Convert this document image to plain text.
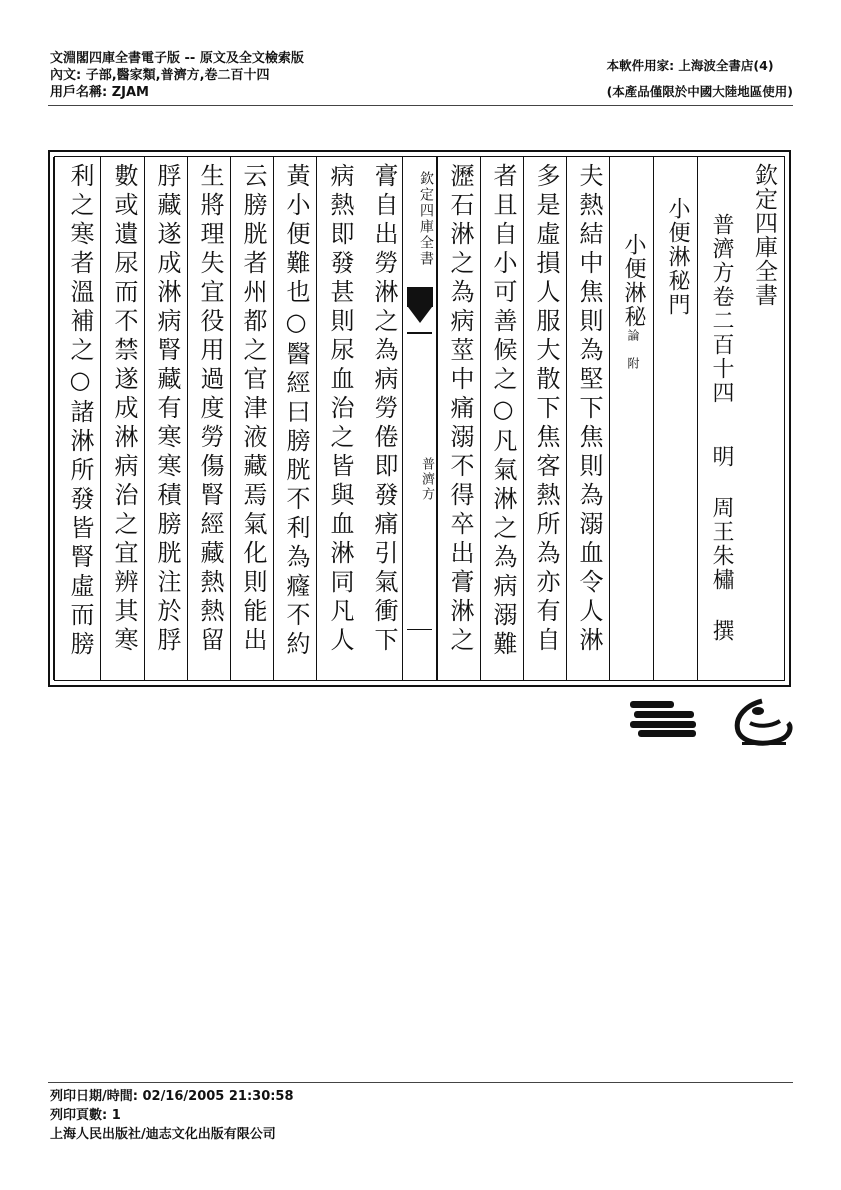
文淵閣四庫全書電子版 -- 原文及全文檢索版
內文: 子部,醫家類,普濟方,卷二百十四
用戶名稱: ZJAM
本軟件用家: 上海波全書店(4)
(本產品僅限於中國大陸地區使用)
欽定四庫全書
普濟方卷二百十四明 周王朱橚 撰
小便淋秘門
小便淋秘論 附
夫熱結中焦則為堅下焦則為溺血令人淋
多是虛損人服大散下焦客熱所為亦有自
者且自小可善候之○凡氣淋之為病溺難
瀝石淋之為病莖中痛溺不得卒出膏淋之
欽定四庫全書
普濟方
膏自出勞淋之為病勞倦即發痛引氣衝下
病熱即發甚則尿血治之皆與血淋同凡人
黃小便難也○醫經曰膀胱不利為癃不約
云膀胱者州都之官津液藏焉氣化則能出
生將理失宜役用過度勞傷腎經藏熱熱留
脬藏遂成淋病腎藏有寒寒積膀胱注於脬
數或遺尿而不禁遂成淋病治之宜辨其寒
利之寒者溫補之○諸淋所發皆腎虛而膀
列印日期/時間: 02/16/2005 21:30:58
列印頁數: 1
上海人民出版社/迪志文化出版有限公司
